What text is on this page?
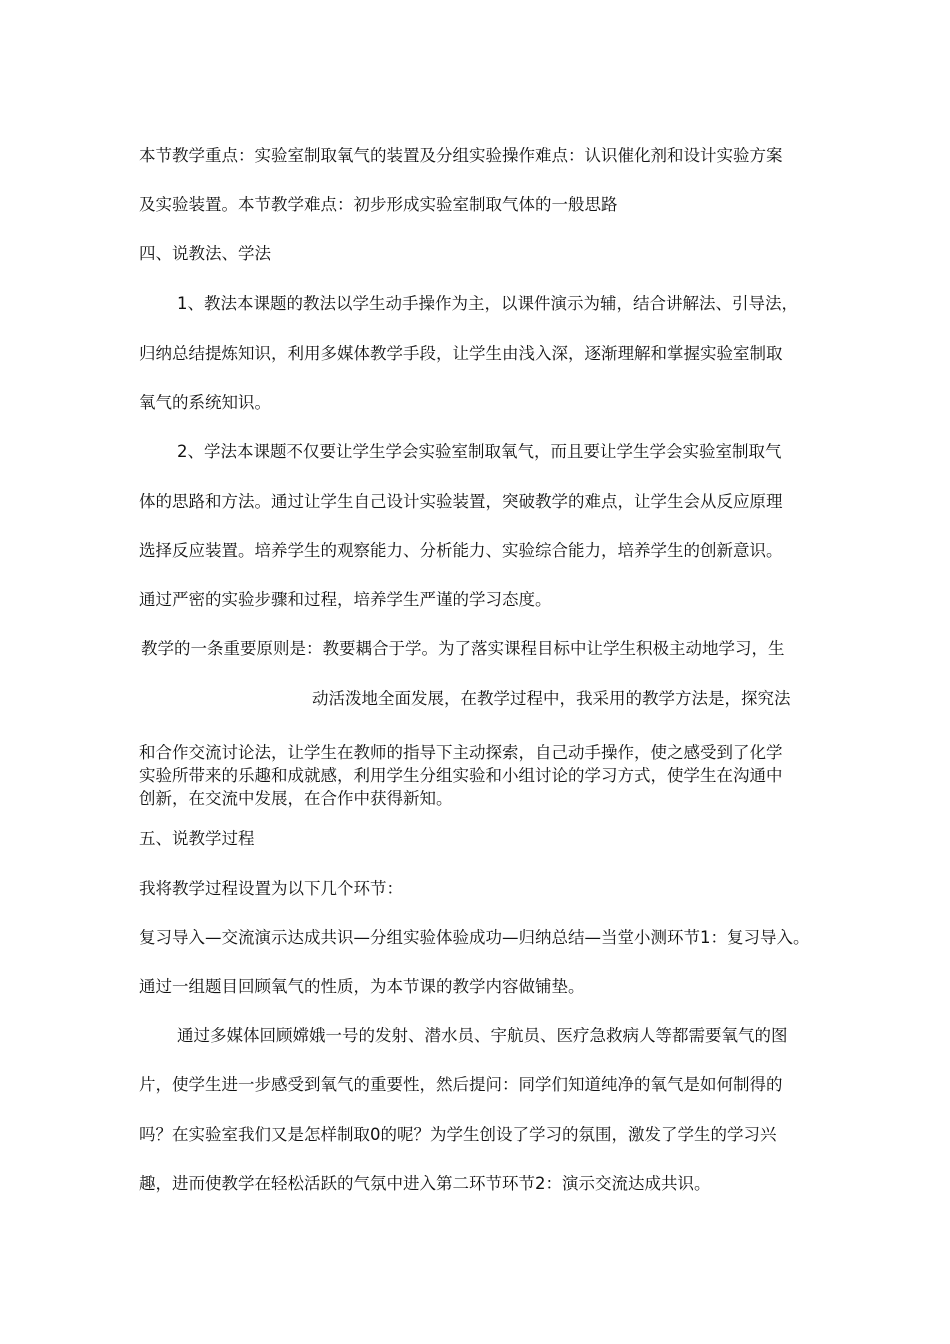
本节教学重点：实验室制取氧气的装置及分组实验操作难点：认识催化剂和设计实验方案

及实验装置。本节教学难点：初步形成实验室制取气体的一般思路

四、说教法、学法

1、教法本课题的教法以学生动手操作为主，以课件演示为辅，结合讲解法、引导法，

归纳总结提炼知识，利用多媒体教学手段，让学生由浅入深，逐渐理解和掌握实验室制取

氧气的系统知识。

2、学法本课题不仅要让学生学会实验室制取氧气，而且要让学生学会实验室制取气

体的思路和方法。通过让学生自己设计实验装置，突破教学的难点，让学生会从反应原理

选择反应装置。培养学生的观察能力、分析能力、实验综合能力，培养学生的创新意识。

通过严密的实验步骤和过程，培养学生严谨的学习态度。

教学的一条重要原则是：教要耦合于学。为了落实课程目标中让学生积极主动地学习，生

动活泼地全面发展，在教学过程中，我采用的教学方法是，探究法

和合作交流讨论法，让学生在教师的指导下主动探索，自己动手操作，使之感受到了化学

实验所带来的乐趣和成就感，利用学生分组实验和小组讨论的学习方式，使学生在沟通中

创新，在交流中发展，在合作中获得新知。

五、说教学过程

我将教学过程设置为以下几个环节：

复习导入—交流演示达成共识—分组实验体验成功—归纳总结—当堂小测环节1：复习导入。

通过一组题目回顾氧气的性质，为本节课的教学内容做铺垫。

通过多媒体回顾嫦娥一号的发射、潜水员、宇航员、医疗急救病人等都需要氧气的图

片，使学生进一步感受到氧气的重要性，然后提问：同学们知道纯净的氧气是如何制得的

吗？在实验室我们又是怎样制取0的呢？为学生创设了学习的氛围，激发了学生的学习兴

趣，进而使教学在轻松活跃的气氛中进入第二环节环节2：演示交流达成共识。
